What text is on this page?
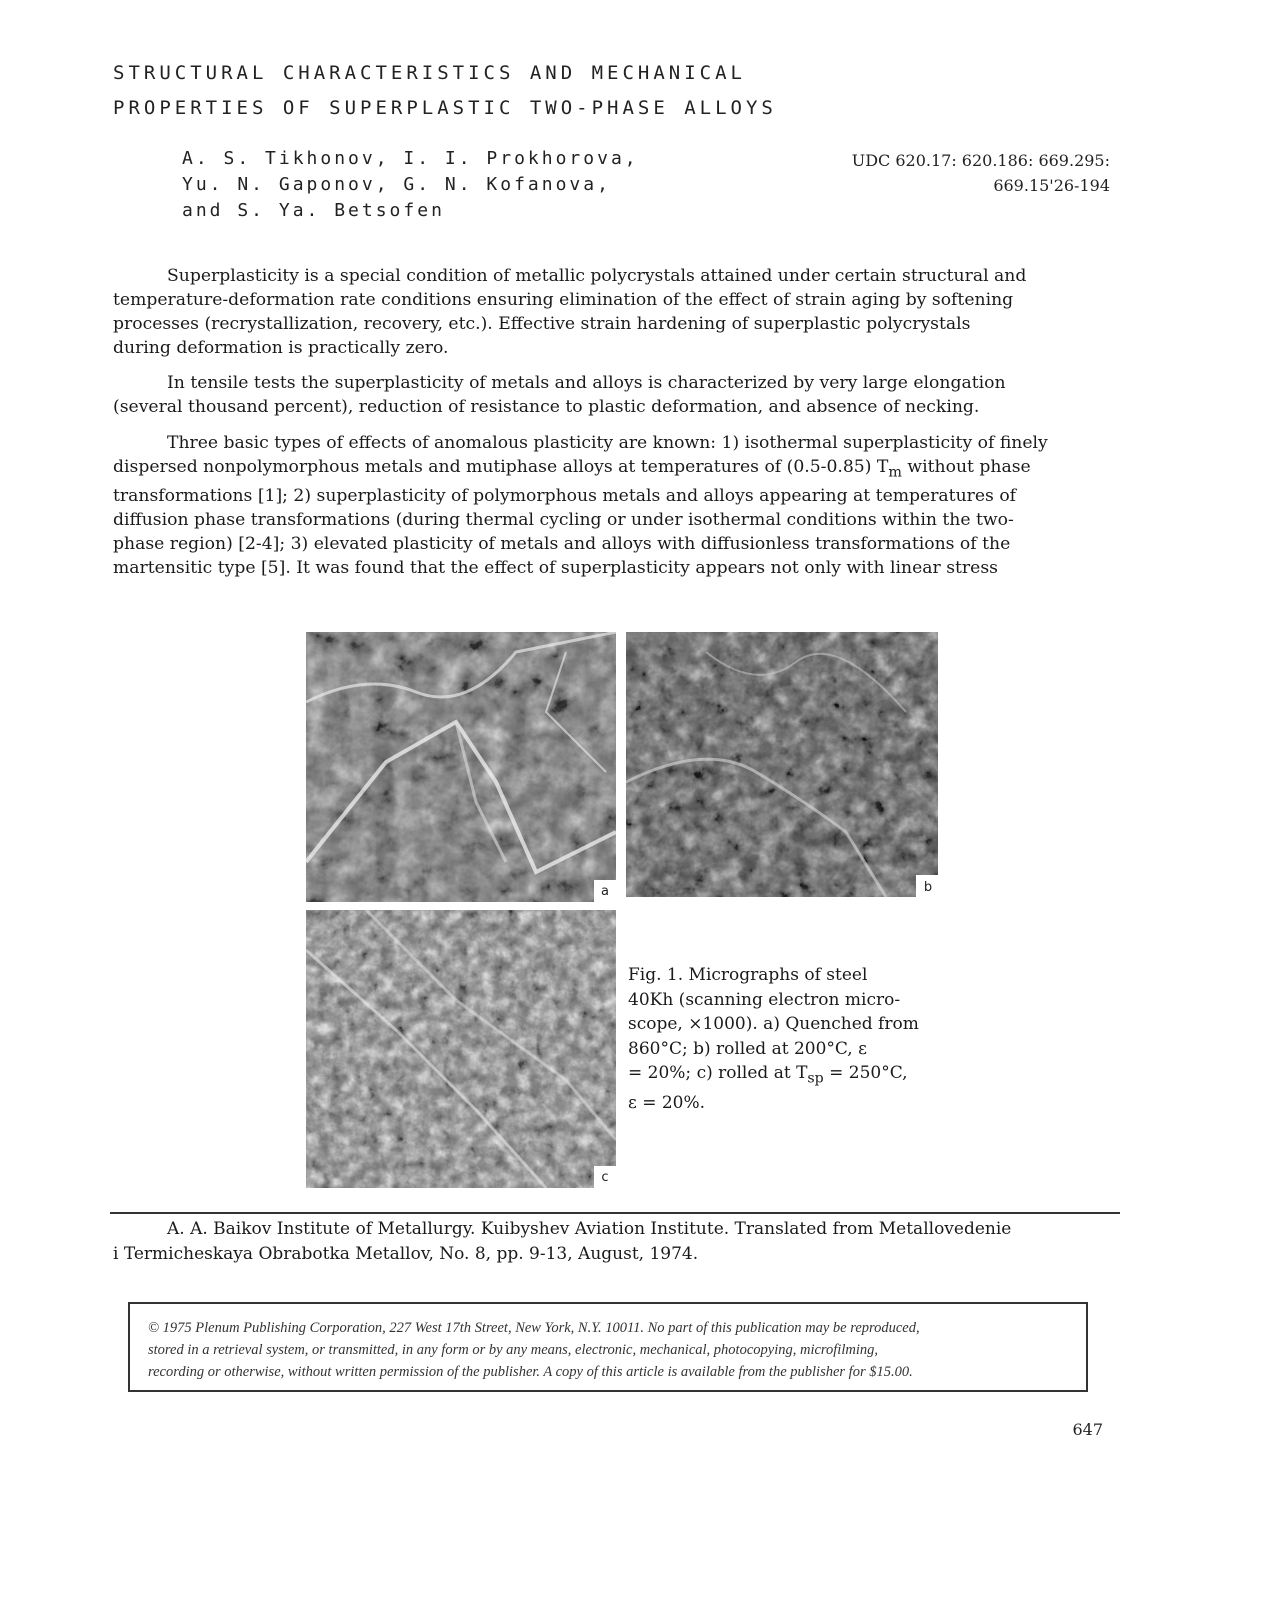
STRUCTURAL CHARACTERISTICS AND MECHANICAL
PROPERTIES OF SUPERPLASTIC TWO-PHASE ALLOYS
A. S. Tikhonov, I. I. Prokhorova,
Yu. N. Gaponov, G. N. Kofanova,
and S. Ya. Betsofen
UDC 620.17: 620.186: 669.295:
669.15'26-194
Superplasticity is a special condition of metallic polycrystals attained under certain structural and
temperature-deformation rate conditions ensuring elimination of the effect of strain aging by softening
processes (recrystallization, recovery, etc.). Effective strain hardening of superplastic polycrystals
during deformation is practically zero.
In tensile tests the superplasticity of metals and alloys is characterized by very large elongation
(several thousand percent), reduction of resistance to plastic deformation, and absence of necking.
Three basic types of effects of anomalous plasticity are known: 1) isothermal superplasticity of finely
dispersed nonpolymorphous metals and mutiphase alloys at temperatures of (0.5-0.85) $T_m$ without phase
transformations [1]; 2) superplasticity of polymorphous metals and alloys appearing at temperatures of
diffusion phase transformations (during thermal cycling or under isothermal conditions within the two-
phase region) [2-4]; 3) elevated plasticity of metals and alloys with diffusionless transformations of the
martensitic type [5]. It was found that the effect of superplasticity appears not only with linear stress
a	b
c
Fig. 1. Micrographs of steel
40Kh (scanning electron micro-
scope, ×1000). a) Quenched from
860°C; b) rolled at 200°C, ε
= 20%; c) rolled at $T_{sp} = 250^\circ C$,
ε = 20%.
A. A. Baikov Institute of Metallurgy. Kuibyshev Aviation Institute. Translated from Metallovedenie
i Termicheskaya Obrabotka Metallov, No. 8, pp. 9-13, August, 1974.
© 1975 Plenum Publishing Corporation, 227 West 17th Street, New York, N.Y. 10011. No part of this publication may be reproduced,
stored in a retrieval system, or transmitted, in any form or by any means, electronic, mechanical, photocopying, microfilming,
recording or otherwise, without written permission of the publisher. A copy of this article is available from the publisher for $15.00.
647
